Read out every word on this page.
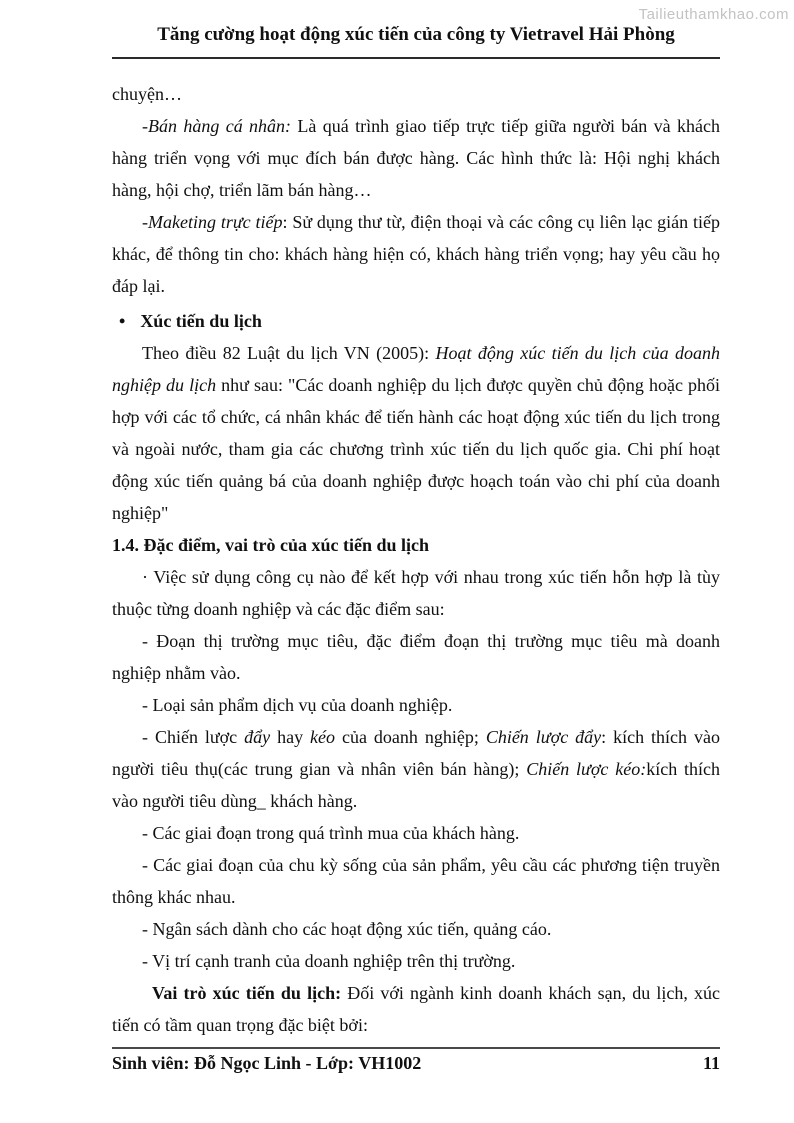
Tailieuthamkhao.com
Tăng cường hoạt động xúc tiến của công ty Vietravel Hải Phòng

chuyện…

-Bán hàng cá nhân: Là quá trình giao tiếp trực tiếp giữa người bán và khách hàng triển vọng với mục đích bán được hàng. Các hình thức là: Hội nghị khách hàng, hội chợ, triển lãm bán hàng…

-Maketing trực tiếp: Sử dụng thư từ, điện thoại và các công cụ liên lạc gián tiếp khác, để thông tin cho: khách hàng hiện có, khách hàng triển vọng; hay yêu cầu họ đáp lại.

• Xúc tiến du lịch

Theo điều 82 Luật du lịch VN (2005): Hoạt động xúc tiến du lịch của doanh nghiệp du lịch như sau: "Các doanh nghiệp du lịch được quyền chủ động hoặc phối hợp với các tổ chức, cá nhân khác để tiến hành các hoạt động xúc tiến du lịch trong và ngoài nước, tham gia các chương trình xúc tiến du lịch quốc gia. Chi phí hoạt động xúc tiến quảng bá của doanh nghiệp được hoạch toán vào chi phí của doanh nghiệp"

1.4. Đặc điểm, vai trò của xúc tiến du lịch

· Việc sử dụng công cụ nào để kết hợp với nhau trong xúc tiến hỗn hợp là tùy thuộc từng doanh nghiệp và các đặc điểm sau:

- Đoạn thị trường mục tiêu, đặc điểm đoạn thị trường mục tiêu mà doanh nghiệp nhằm vào.

- Loại sản phẩm dịch vụ của doanh nghiệp.

- Chiến lược đẩy hay kéo của doanh nghiệp; Chiến lược đẩy: kích thích vào người tiêu thụ(các trung gian và nhân viên bán hàng); Chiến lược kéo:kích thích vào người tiêu dùng_ khách hàng.

- Các giai đoạn trong quá trình mua của khách hàng.

- Các giai đoạn của chu kỳ sống của sản phẩm, yêu cầu các phương tiện truyền thông khác nhau.

- Ngân sách dành cho các hoạt động xúc tiến, quảng cáo.

- Vị trí cạnh tranh của doanh nghiệp trên thị trường.

Vai trò xúc tiến du lịch: Đối với ngành kinh doanh khách sạn, du lịch, xúc tiến có tầm quan trọng đặc biệt bởi:

Sinh viên: Đỗ Ngọc Linh - Lớp: VH1002	11
